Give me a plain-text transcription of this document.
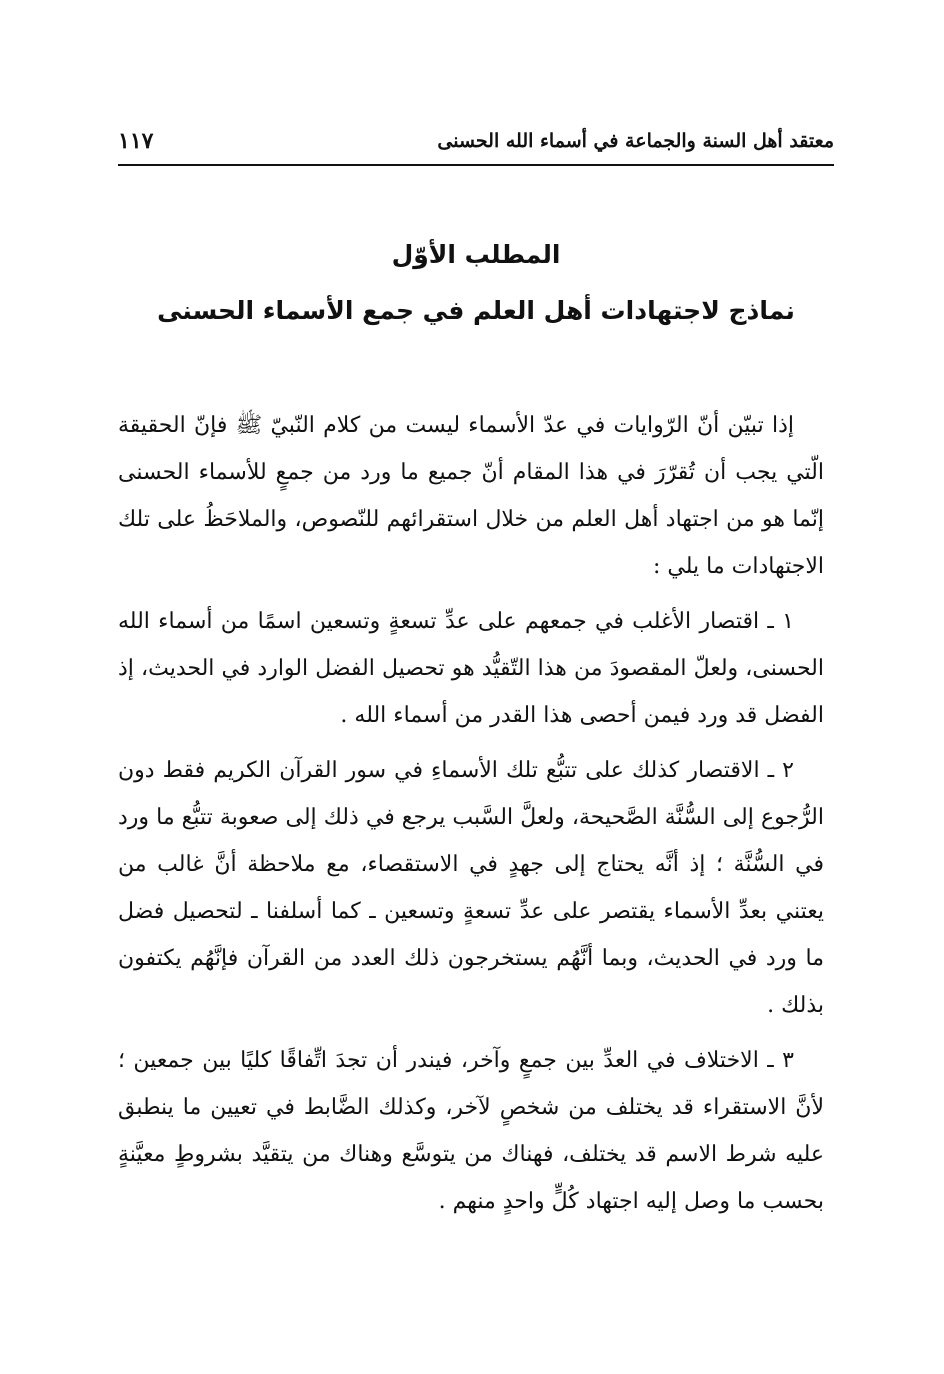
معتقد أهل السنة والجماعة في أسماء الله الحسنى
١١٧
المطلب الأوّل
نماذج لاجتهادات أهل العلم في جمع الأسماء الحسنى

إذا تبيّن أنّ الرّوايات في عدّ الأسماء ليست من كلام النّبيّ ﷺ فإنّ الحقيقة الّتي يجب أن تُقرّرَ في هذا المقام أنّ جميع ما ورد من جمعٍ للأسماء الحسنى إنّما هو من اجتهاد أهل العلم من خلال استقرائهم للنّصوص، والملاحَظُ على تلك الاجتهادات ما يلي :

١ ـ اقتصار الأغلب في جمعهم على عدِّ تسعةٍ وتسعين اسمًا من أسماء الله الحسنى، ولعلّ المقصودَ من هذا التّقيُّد هو تحصيل الفضل الوارد في الحديث، إذ الفضل قد ورد فيمن أحصى هذا القدر من أسماء الله .

٢ ـ الاقتصار كذلك على تتبُّع تلك الأسماءِ في سور القرآن الكريم فقط دون الرُّجوع إلى السُّنَّة الصَّحيحة، ولعلَّ السَّبب يرجع في ذلك إلى صعوبة تتبُّع ما ورد في السُّنَّة ؛ إذ أنَّه يحتاج إلى جهدٍ في الاستقصاء، مع ملاحظة أنَّ غالب من يعتني بعدِّ الأسماء يقتصر على عدِّ تسعةٍ وتسعين ـ كما أسلفنا ـ لتحصيل فضل ما ورد في الحديث، وبما أنَّهُم يستخرجون ذلك العدد من القرآن فإنَّهُم يكتفون بذلك .

٣ ـ الاختلاف في العدِّ بين جمعٍ وآخر، فيندر أن تجدَ اتِّفاقًا كليًا بين جمعين ؛ لأنَّ الاستقراء قد يختلف من شخصٍ لآخر، وكذلك الضَّابط في تعيين ما ينطبق عليه شرط الاسم قد يختلف، فهناك من يتوسَّع وهناك من يتقيَّد بشروطٍ معيَّنةٍ بحسب ما وصل إليه اجتهاد كُلٍّ واحدٍ منهم .
